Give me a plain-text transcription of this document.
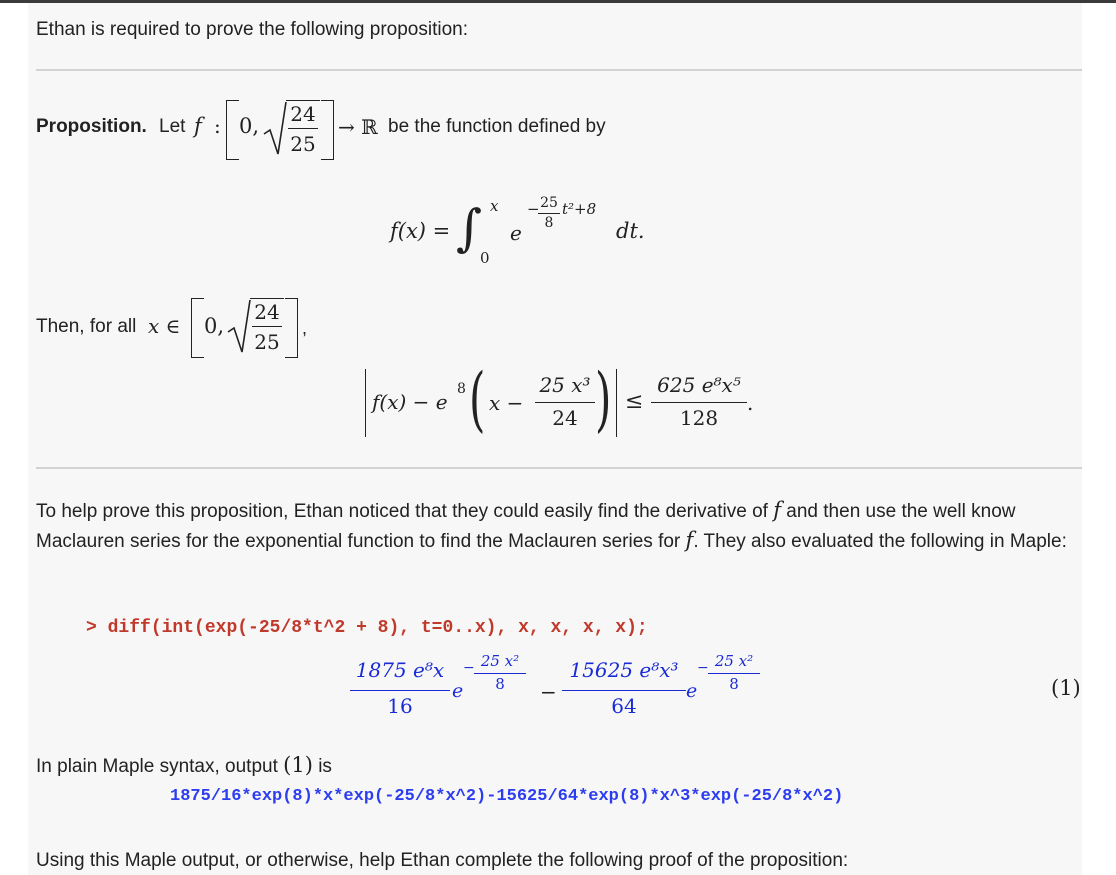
Ethan is required to prove the following proposition:
Proposition. Let f : 0, 24
25
→ ℝ be the function defined by
f(x) = ∫ x
0
e
− 25
8
t²+8
dt.
Then, for all x ∈ 0,
24
25
,
f(x) − e
8 ( x −
25 x³
24 ) ≤
625 e⁸x⁵
128
.
To help prove this proposition, Ethan noticed that they could easily find the derivative of f and then use the well know Maclauren series for the exponential function to find the Maclauren series for f. They also evaluated the following in Maple:
> diff(int(exp(-25/8*t^2 + 8), t=0..x), x, x, x, x);
1875 e⁸x
16
e
− 25 x²
8	−
15625 e⁸x³
64
e
− 25 x²
8	(1)
In plain Maple syntax, output (1) is
1875/16*exp(8)*x*exp(-25/8*x^2)-15625/64*exp(8)*x^3*exp(-25/8*x^2)
Using this Maple output, or otherwise, help Ethan complete the following proof of the proposition:
